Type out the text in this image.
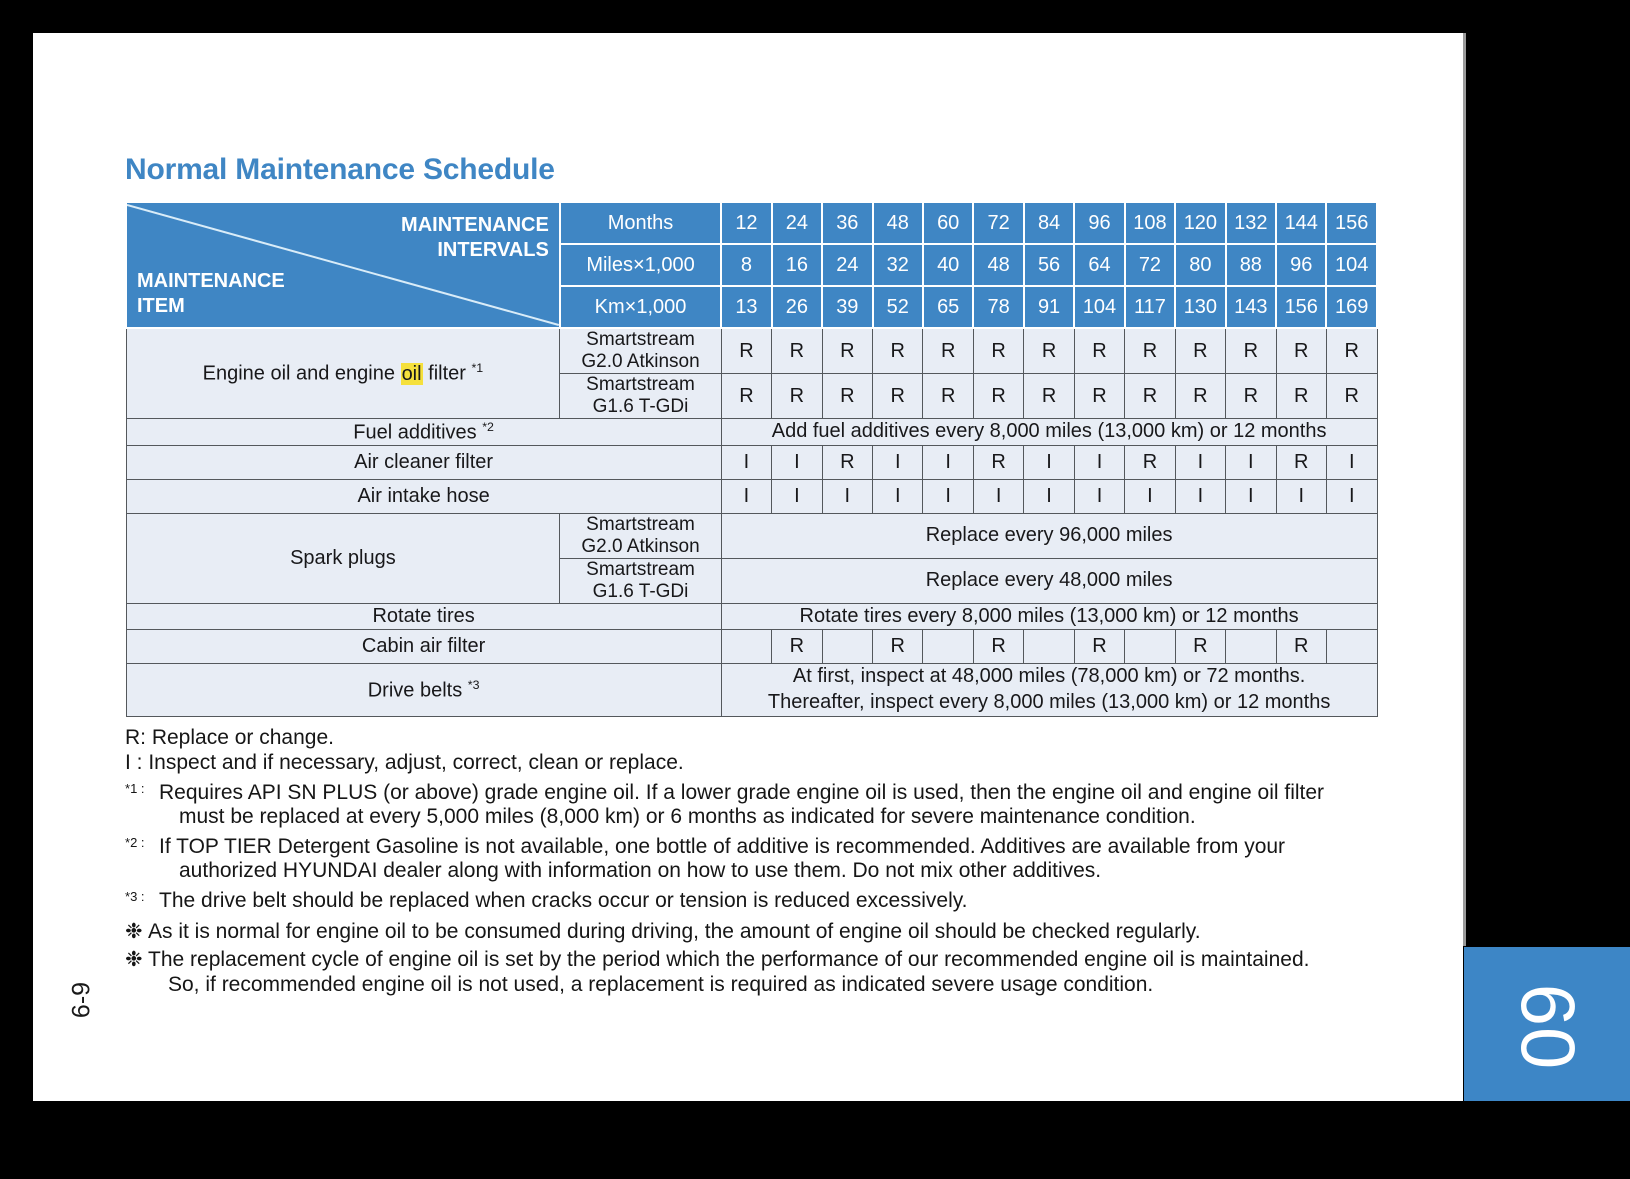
Normal Maintenance Schedule
MAINTENANCE
INTERVALS
MAINTENANCE
ITEM	Months	12	24	36	48	60	72	84	96	108	120	132	144	156
	Miles×1,000	8	16	24	32	40	48	56	64	72	80	88	96	104
	Km×1,000	13	26	39	52	65	78	91	104	117	130	143	156	169
Engine oil and engine oil filter $^{*1}$	Smartstream
G2.0 Atkinson	R	R	R	R	R	R	R	R	R	R	R	R	R
	Smartstream
G1.6 T-GDi	R	R	R	R	R	R	R	R	R	R	R	R	R
Fuel additives $^{*2}$		Add fuel additives every 8,000 miles (13,000 km) or 12 months												
Air cleaner filter		I	I	R	I	I	R	I	I	R	I	I	R	I
Air intake hose		I	I	I	I	I	I	I	I	I	I	I	I	I
Spark plugs	Smartstream
G2.0 Atkinson	Replace every 96,000 miles												
	Smartstream
G1.6 T-GDi	Replace every 48,000 miles												
Rotate tires		Rotate tires every 8,000 miles (13,000 km) or 12 months												
Cabin air filter			R		R		R		R		R		R	
Drive belts $^{*3}$		At first, inspect at 48,000 miles (78,000 km) or 72 months.
Thereafter, inspect every 8,000 miles (13,000 km) or 12 months												
R: Replace or change.
I : Inspect and if necessary, adjust, correct, clean or replace.
$^{*1 :}$ Requires API SN PLUS (or above) grade engine oil. If a lower grade engine oil is used, then the engine oil and engine oil filter
must be replaced at every 5,000 miles (8,000 km) or 6 months as indicated for severe maintenance condition.
$^{*2 :}$ If TOP TIER Detergent Gasoline is not available, one bottle of additive is recommended. Additives are available from your
authorized HYUNDAI dealer along with information on how to use them. Do not mix other additives.
$^{*3 :}$ The drive belt should be replaced when cracks occur or tension is reduced excessively.
❉ As it is normal for engine oil to be consumed during driving, the amount of engine oil should be checked regularly.
❉ The replacement cycle of engine oil is set by the period which the performance of our recommended engine oil is maintained.
So, if recommended engine oil is not used, a replacement is required as indicated severe usage condition.	60
6-9
